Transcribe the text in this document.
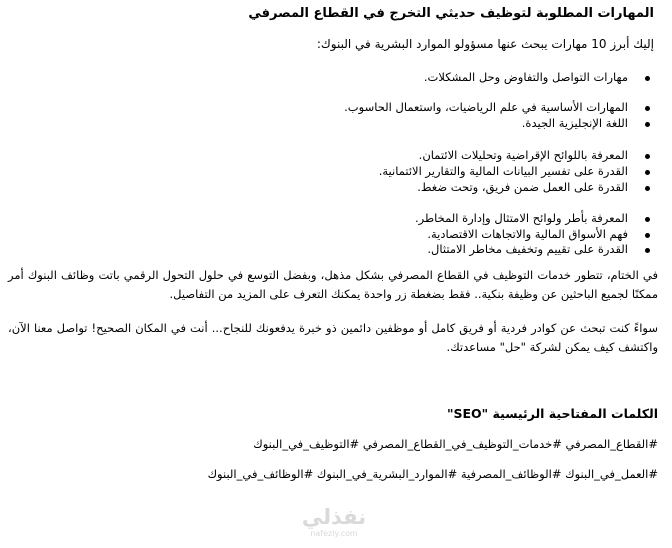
المهارات المطلوبة لتوظيف حديثي التخرج في القطاع المصرفي
إليك أبرز 10 مهارات يبحث عنها مسؤولو الموارد البشرية في البنوك:
مهارات التواصل والتفاوض وحل المشكلات.
المهارات الأساسية في علم الرياضيات، واستعمال الحاسوب.
اللغة الإنجليزية الجيدة.
المعرفة باللوائح الإقراضية وتحليلات الائتمان.
القدرة على تفسير البيانات المالية والتقارير الائتمانية.
القدرة على العمل ضمن فريق، وتحت ضغط.
المعرفة بأطر ولوائح الامتثال وإدارة المخاطر.
فهم الأسواق المالية والاتجاهات الاقتصادية.
القدرة على تقييم وتخفيف مخاطر الامتثال.

في الختام، تتطور خدمات التوظيف في القطاع المصرفي بشكل مذهل، وبفضل التوسع في حلول التحول الرقمي باتت وظائف البنوك أمر ممكنًا لجميع الباحثين عن وظيفة بنكية.. فقط بضغطة زر واحدة يمكنك التعرف على المزيد من التفاصيل.

سواءً كنت تبحث عن كوادر فردية أو فريق كامل أو موظفين دائمين ذو خبرة يدفعونك للنجاح... أنت في المكان الصحيح! تواصل معنا الآن، واكتشف كيف يمكن لشركة "حل" مساعدتك.

الكلمات المفتاحية الرئيسية "SEO"
#القطاع_المصرفي #خدمات_التوظيف_في_القطاع_المصرفي #التوظيف_في_البنوك
#العمل_في_البنوك #الوظائف_المصرفية #الموارد_البشرية_في_البنوك #الوظائف_في_البنوك
نفذلي
nafezly.com
